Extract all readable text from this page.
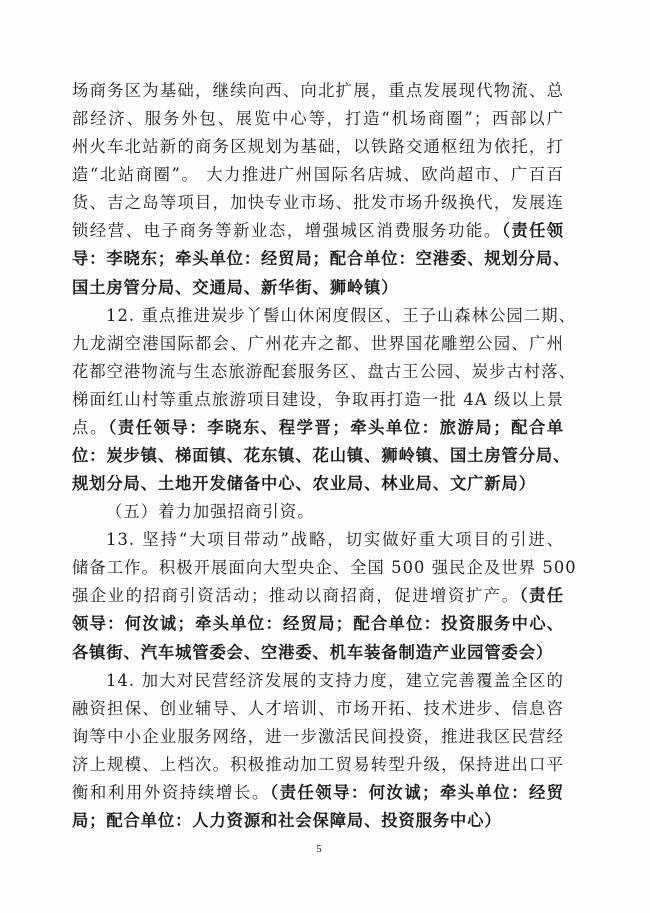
场商务区为基础，继续向西、向北扩展，重点发展现代物流、总
部经济、服务外包、展览中心等，打造“机场商圈”；西部以广
州火车北站新的商务区规划为基础，以铁路交通枢纽为依托，打
造“北站商圈”。 大力推进广州国际名店城、欧尚超市、广百百
货、吉之岛等项目，加快专业市场、批发市场升级换代，发展连
锁经营、电子商务等新业态，增强城区消费服务功能。（责任领
导：李晓东；牵头单位：经贸局；配合单位：空港委、规划分局、
国土房管分局、交通局、新华街、狮岭镇）
12. 重点推进炭步丫髻山休闲度假区、王子山森林公园二期、
九龙湖空港国际都会、广州花卉之都、世界国花雕塑公园、广州
花都空港物流与生态旅游配套服务区、盘古王公园、炭步古村落、
梯面红山村等重点旅游项目建设，争取再打造一批 4A 级以上景
点。（责任领导：李晓东、程学晋；牵头单位：旅游局；配合单
位：炭步镇、梯面镇、花东镇、花山镇、狮岭镇、国土房管分局、
规划分局、土地开发储备中心、农业局、林业局、文广新局）
（五）着力加强招商引资。
13. 坚持“大项目带动”战略，切实做好重大项目的引进、
储备工作。积极开展面向大型央企、全国 500 强民企及世界 500
强企业的招商引资活动；推动以商招商，促进增资扩产。（责任
领导：何汝诚；牵头单位：经贸局；配合单位：投资服务中心、
各镇街、汽车城管委会、空港委、机车装备制造产业园管委会）
14. 加大对民营经济发展的支持力度，建立完善覆盖全区的
融资担保、创业辅导、人才培训、市场开拓、技术进步、信息咨
询等中小企业服务网络，进一步激活民间投资，推进我区民营经
济上规模、上档次。积极推动加工贸易转型升级，保持进出口平
衡和利用外资持续增长。（责任领导：何汝诚；牵头单位：经贸
局；配合单位：人力资源和社会保障局、投资服务中心）
5
